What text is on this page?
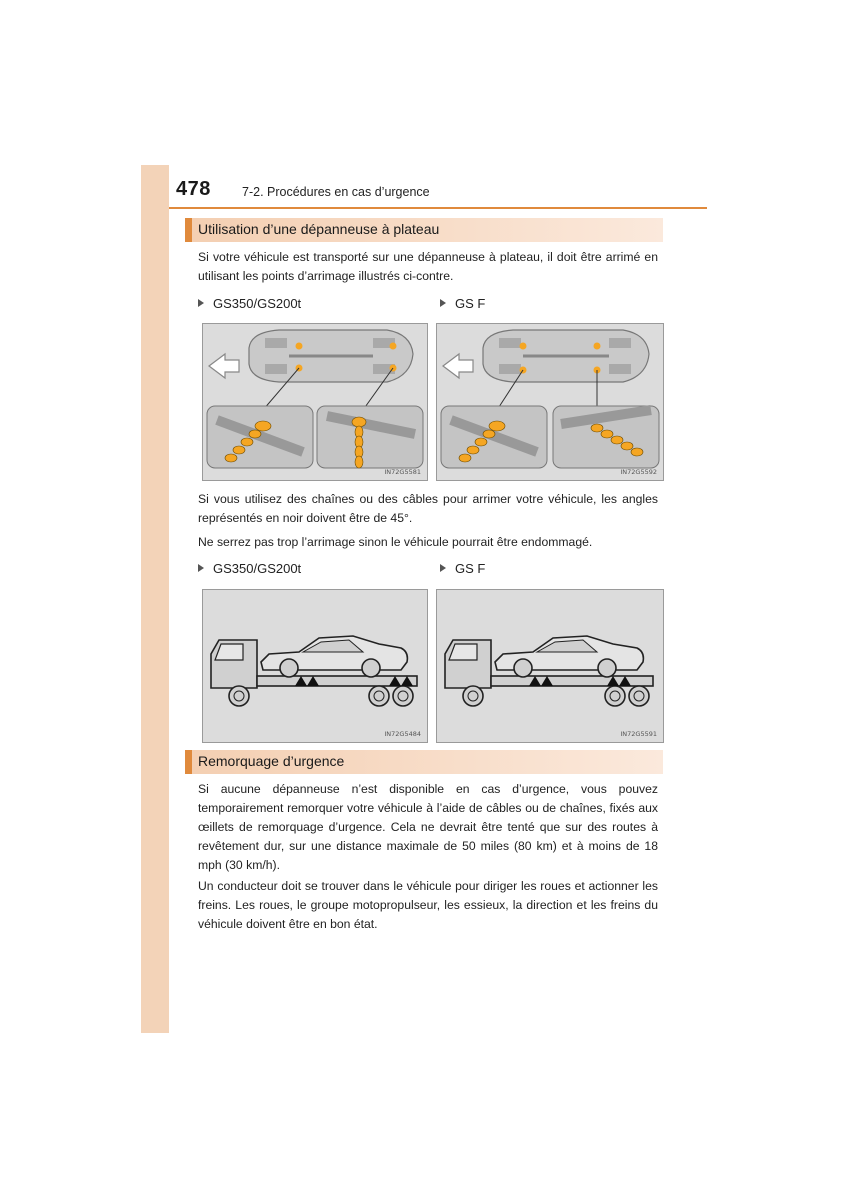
478 7-2. Procédures en cas d’urgence
Utilisation d’une dépanneuse à plateau

Si votre véhicule est transporté sur une dépanneuse à plateau, il doit être arrimé en utilisant les points d’arrimage illustrés ci-contre.

GS350/GS200t	GS F
IN72G5581	IN72G5592

Si vous utilisez des chaînes ou des câbles pour arrimer votre véhicule, les angles représentés en noir doivent être de 45°.

Ne serrez pas trop l’arrimage sinon le véhicule pourrait être endommagé.

GS350/GS200t	GS F
IN72G5484	IN72G5591
Remorquage d’urgence

Si aucune dépanneuse n’est disponible en cas d’urgence, vous pouvez temporairement remorquer votre véhicule à l’aide de câbles ou de chaînes, fixés aux œillets de remorquage d’urgence. Cela ne devrait être tenté que sur des routes à revêtement dur, sur une distance maximale de 50 miles (80 km) et à moins de 18 mph (30 km/h).

Un conducteur doit se trouver dans le véhicule pour diriger les roues et actionner les freins. Les roues, le groupe motopropulseur, les essieux, la direction et les freins du véhicule doivent être en bon état.
